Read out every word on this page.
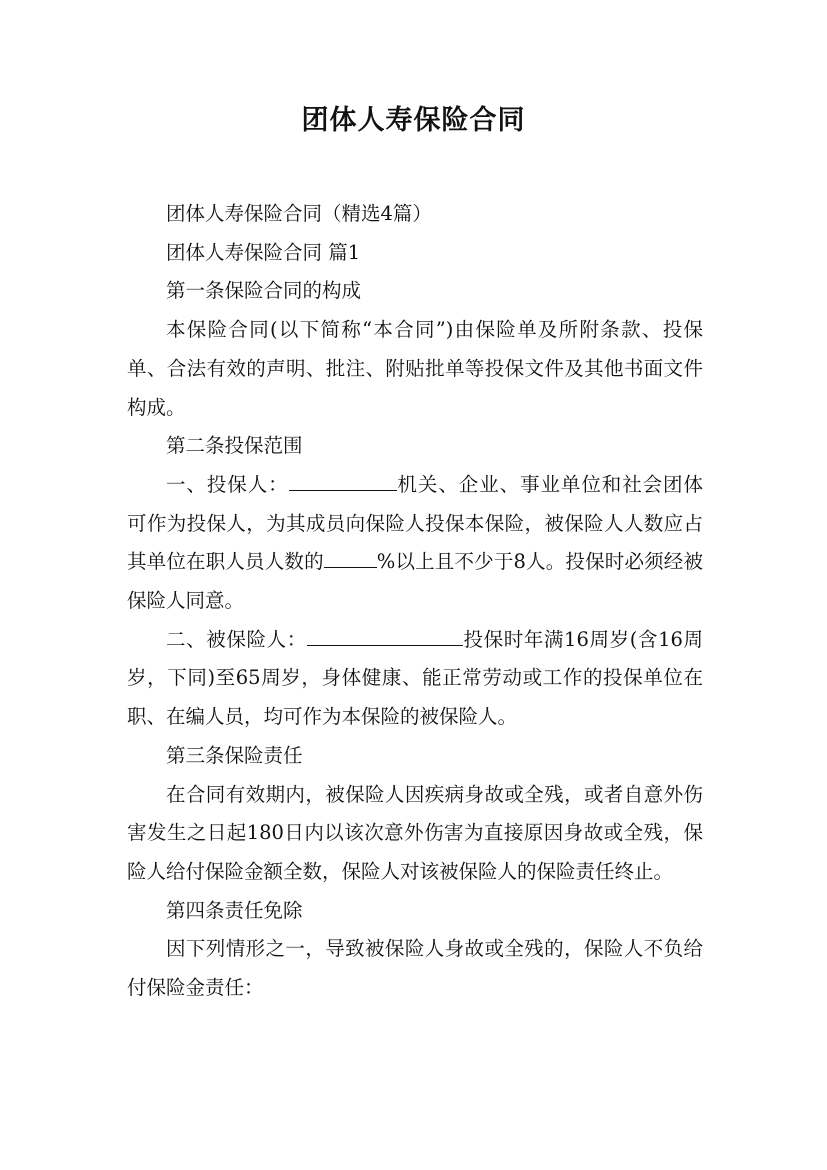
团体人寿保险合同

团体人寿保险合同（精选4篇）

团体人寿保险合同 篇1

第一条保险合同的构成

本保险合同(以下简称“本合同”)由保险单及所附条款、投保单、合法有效的声明、批注、附贴批单等投保文件及其他书面文件构成。

第二条投保范围

一、投保人：	机关、企业、事业单位和社会团体可作为投保人，为其成员向保险人投保本保险，被保险人人数应占其单位在职人员人数的	%以上且不少于8人。投保时必须经被保险人同意。

二、被保险人：	投保时年满16周岁(含16周岁，下同)至65周岁，身体健康、能正常劳动或工作的投保单位在职、在编人员，均可作为本保险的被保险人。

第三条保险责任

在合同有效期内，被保险人因疾病身故或全残，或者自意外伤害发生之日起180日内以该次意外伤害为直接原因身故或全残，保险人给付保险金额全数，保险人对该被保险人的保险责任终止。

第四条责任免除

因下列情形之一，导致被保险人身故或全残的，保险人不负给付保险金责任：
